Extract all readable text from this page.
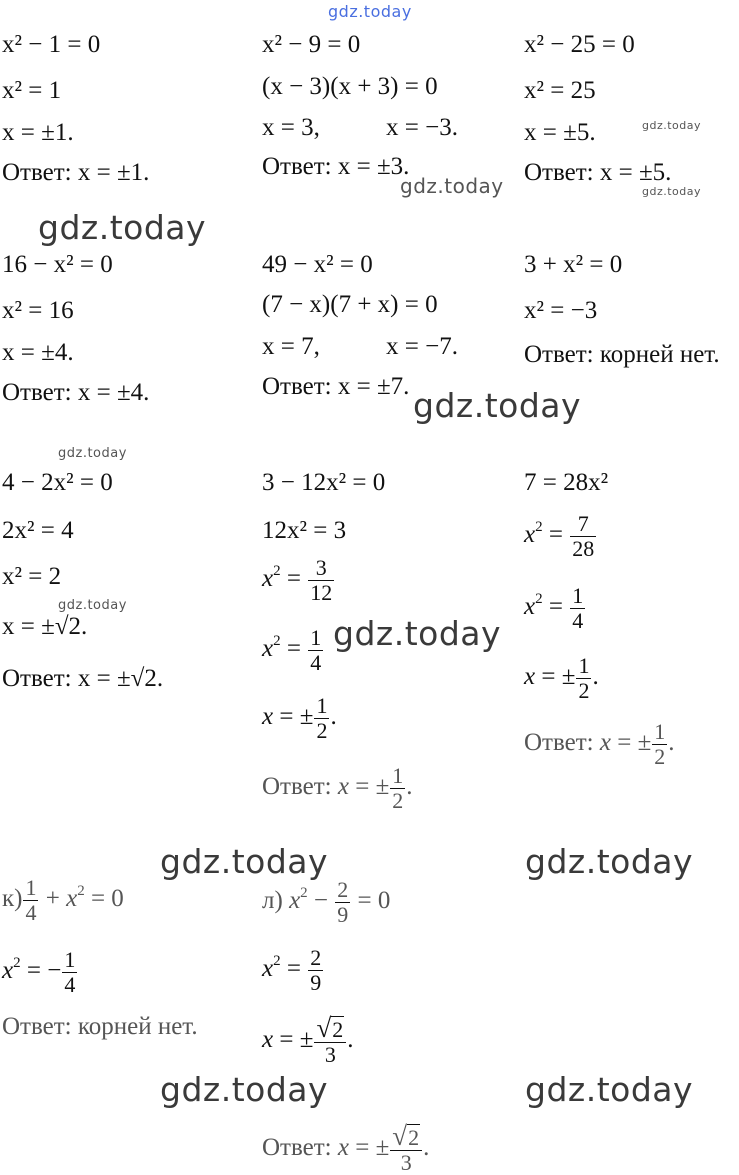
gdz.today
gdz.today
gdz.today
gdz.today
gdz.today
gdz.today
gdz.today
gdz.today
gdz.today
gdz.today	gdz.today
gdz.today	gdz.today
x² − 1 = 0
x² = 1
x = ±1.
Ответ: x = ±1.
x² − 9 = 0
(x − 3)(x + 3) = 0
x = 3,	x = −3.
Ответ: x = ±3.
x² − 25 = 0
x² = 25
x = ±5.
Ответ: x = ±5.
16 − x² = 0
x² = 16
x = ±4.
Ответ: x = ±4.
49 − x² = 0
(7 − x)(7 + x) = 0
x = 7,	x = −7.
Ответ: x = ±7.
3 + x² = 0
x² = −3
Ответ: корней нет.
4 − 2x² = 0
2x² = 4
x² = 2
x = ±√2.
Ответ: x = ±√2.
3 − 12x² = 0
12x² = 3
$x^2 = \frac{3}{12}$
$x^2 = \frac{1}{4}$
x = ± $\frac{1}{2}$ .
Ответ: x = ± $\frac{1}{2}$ .
7 = 28x²
$x^2 = \frac{7}{28}$
$x^2 = \frac{1}{4}$
x = ± $\frac{1}{2}$ .
Ответ: x = ± $\frac{1}{2}$ .
$к) \frac{1}{4} + x^2 = 0$
$x^2$ = − $\frac{1}{4}$
Ответ: корней нет.
л) $x^2 - \frac{2}{9} = 0$
$x^2 = \frac{2}{9}$
x = ± $\frac{√2}{3}$ .
Ответ: x = ± $\frac{√2}{3}$ .
